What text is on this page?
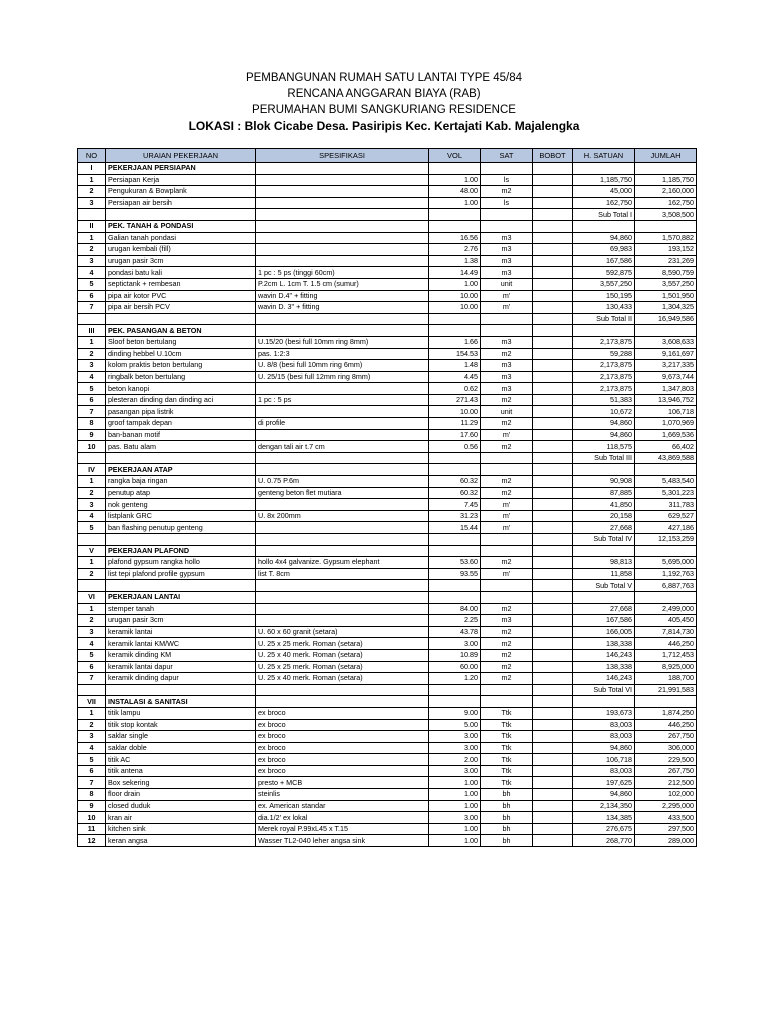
PEMBANGUNAN RUMAH SATU LANTAI TYPE 45/84
RENCANA ANGGARAN BIAYA (RAB)
PERUMAHAN BUMI SANGKURIANG RESIDENCE
LOKASI : Blok Cicabe Desa. Pasiripis Kec. Kertajati Kab. Majalengka
NO	URAIAN PEKERJAAN	SPESIFIKASI	VOL	SAT	BOBOT	H. SATUAN	JUMLAH
I	PEKERJAAN PERSIAPAN						
1	Persiapan Kerja		1.00	ls		1,185,750	1,185,750
2	Pengukuran & Bowplank		48.00	m2		45,000	2,160,000
3	Persiapan air bersih		1.00	ls		162,750	162,750
						Sub Total I	3,508,500
II	PEK. TANAH & PONDASI						
1	Galian tanah pondasi		16.56	m3		94,860	1,570,882
2	urugan kembali (fill)		2.76	m3		69,983	193,152
3	urugan pasir 3cm		1.38	m3		167,586	231,269
4	pondasi batu kali	1 pc : 5 ps (tinggi 60cm)	14.49	m3		592,875	8,590,759
5	septictank + rembesan	P.2cm L. 1cm T. 1.5 cm (sumur)	1.00	unit		3,557,250	3,557,250
6	pipa air kotor PVC	wavin D.4" + fitting	10.00	m'		150,195	1,501,950
7	pipa air bersih PCV	wavin D. 3" + fitting	10.00	m'		130,433	1,304,325
						Sub Total II	16,949,586
III	PEK. PASANGAN & BETON						
1	Sloof beton bertulang	U.15/20 (besi full 10mm ring 8mm)	1.66	m3		2,173,875	3,608,633
2	dinding hebbel U.10cm	pas. 1:2:3	154.53	m2		59,288	9,161,697
3	kolom praktis beton bertulang	U. 8/8 (besi full 10mm ring 6mm)	1.48	m3		2,173,875	3,217,335
4	ringbalk beton bertulang	U. 25/15 (besi full 12mm ring 8mm)	4.45	m3		2,173,875	9,673,744
5	beton kanopi		0.62	m3		2,173,875	1,347,803
6	plesteran dinding dan dinding aci	1 pc : 5 ps	271.43	m2		51,383	13,946,752
7	pasangan pipa listrik		10.00	unit		10,672	106,718
8	groof tampak depan	di profile	11.29	m2		94,860	1,070,969
9	ban-banan motif		17.60	m'		94,860	1,669,536
10	pas. Batu alam	dengan tali air t.7 cm	0.56	m2		118,575	66,402
						Sub Total III	43,869,588
IV	PEKERJAAN ATAP						
1	rangka baja ringan	U. 0.75 P.6m	60.32	m2		90,908	5,483,540
2	penutup atap	genteng beton flet mutiara	60.32	m2		87,885	5,301,223
3	nok genteng		7.45	m'		41,850	311,783
4	listplank GRC	U. 8x 200mm	31.23	m'		20,158	629,527
5	ban flashing penutup genteng		15.44	m'		27,668	427,186
						Sub Total IV	12,153,259
V	PEKERJAAN PLAFOND						
1	plafond gypsum rangka hollo	hollo 4x4 galvanize. Gypsum elephant	53.60	m2		98,813	5,695,000
2	list tepi plafond profile gypsum	list T. 8cm	93.55	m'		11,858	1,192,763
						Sub Total V	6,887,763
VI	PEKERJAAN LANTAI						
1	stemper tanah		84.00	m2		27,668	2,499,000
2	urugan pasir 3cm		2.25	m3		167,586	405,450
3	keramik lantai	U. 60 x 60 granit (setara)	43.78	m2		166,005	7,814,730
4	keramik lantai KM/WC	U. 25 x 25 merk. Roman (setara)	3.00	m2		138,338	446,250
5	keramik dinding KM	U. 25 x 40 merk. Roman (setara)	10.89	m2		146,243	1,712,453
6	keramik lantai dapur	U. 25 x 25 merk. Roman (setara)	60.00	m2		138,338	8,925,000
7	keramik dinding dapur	U. 25 x 40 merk. Roman (setara)	1.20	m2		146,243	188,700
						Sub Total VI	21,991,583
VII	INSTALASI & SANITASI						
1	titik lampu	ex broco	9.00	Ttk		193,673	1,874,250
2	titik stop kontak	ex broco	5.00	Ttk		83,003	446,250
3	saklar single	ex broco	3.00	Ttk		83,003	267,750
4	saklar doble	ex broco	3.00	Ttk		94,860	306,000
5	titik AC	ex broco	2.00	Ttk		106,718	229,500
6	titik antena	ex broco	3.00	Ttk		83,003	267,750
7	Box sekering	presto + MCB	1.00	Ttk		197,625	212,500
8	floor drain	steinlis	1.00	bh		94,860	102,000
9	closed duduk	ex. American standar	1.00	bh		2,134,350	2,295,000
10	kran air	dia.1/2' ex lokal	3.00	bh		134,385	433,500
11	kitchen sink	Merek royal P.99xL45 x T.15	1.00	bh		276,675	297,500
12	keran angsa	Wasser TL2-040 leher angsa sink	1.00	bh		268,770	289,000
